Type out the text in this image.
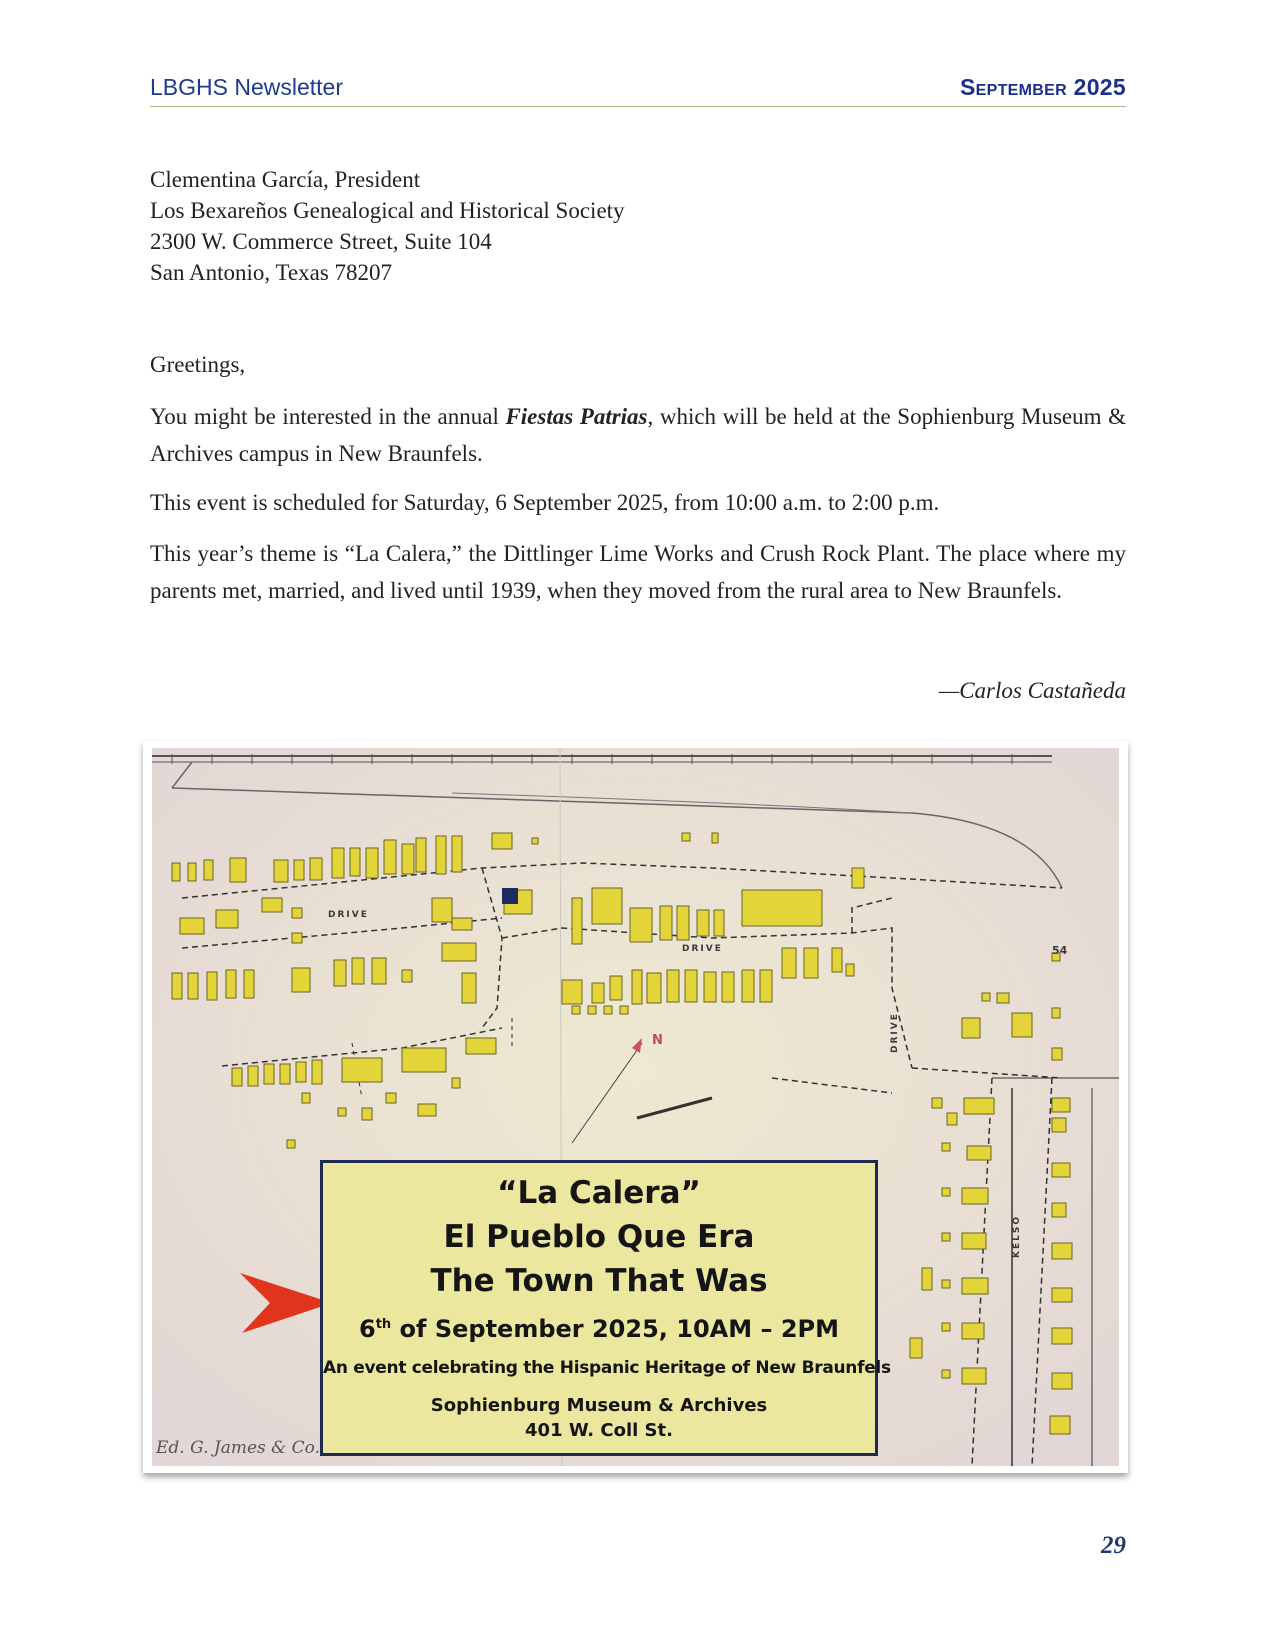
LBGHS Newsletter	September 2025
Clementina García, President
Los Bexareños Genealogical and Historical Society
2300 W. Commerce Street, Suite 104
San Antonio, Texas 78207
Greetings,
You might be interested in the annual Fiestas Patrias, which will be held at the Sophienburg Museum & Archives campus in New Braunfels.
This event is scheduled for Saturday, 6 September 2025, from 10:00 a.m. to 2:00 p.m.
This year’s theme is “La Calera,” the Dittlinger Lime Works and Crush Rock Plant. The place where my parents met, married, and lived until 1939, when they moved from the rural area to New Braunfels.
—Carlos Castañeda
DRIVE
DRIVE
DRIVE
KELSO
N
54
Ed. G. James & Co.
“La Calera”
El Pueblo Que Era
The Town That Was
6th of September 2025, 10AM – 2PM
An event celebrating the Hispanic Heritage of New Braunfels
Sophienburg Museum & Archives
401 W. Coll St.
29
